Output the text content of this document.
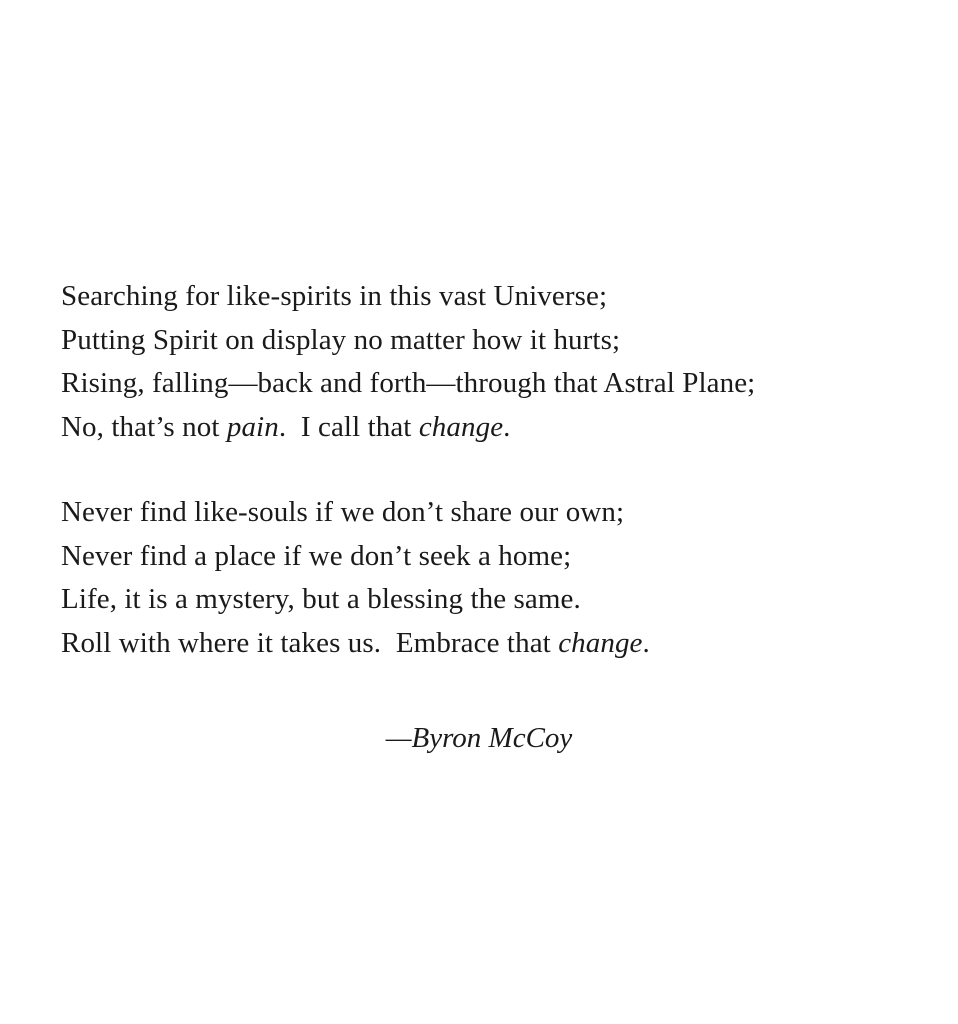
Searching for like-spirits in this vast Universe;
Putting Spirit on display no matter how it hurts;
Rising, falling—back and forth—through that Astral Plane;
No, that’s not pain.  I call that change.

Never find like-souls if we don’t share our own;
Never find a place if we don’t seek a home;
Life, it is a mystery, but a blessing the same.
Roll with where it takes us.  Embrace that change.

—Byron McCoy
